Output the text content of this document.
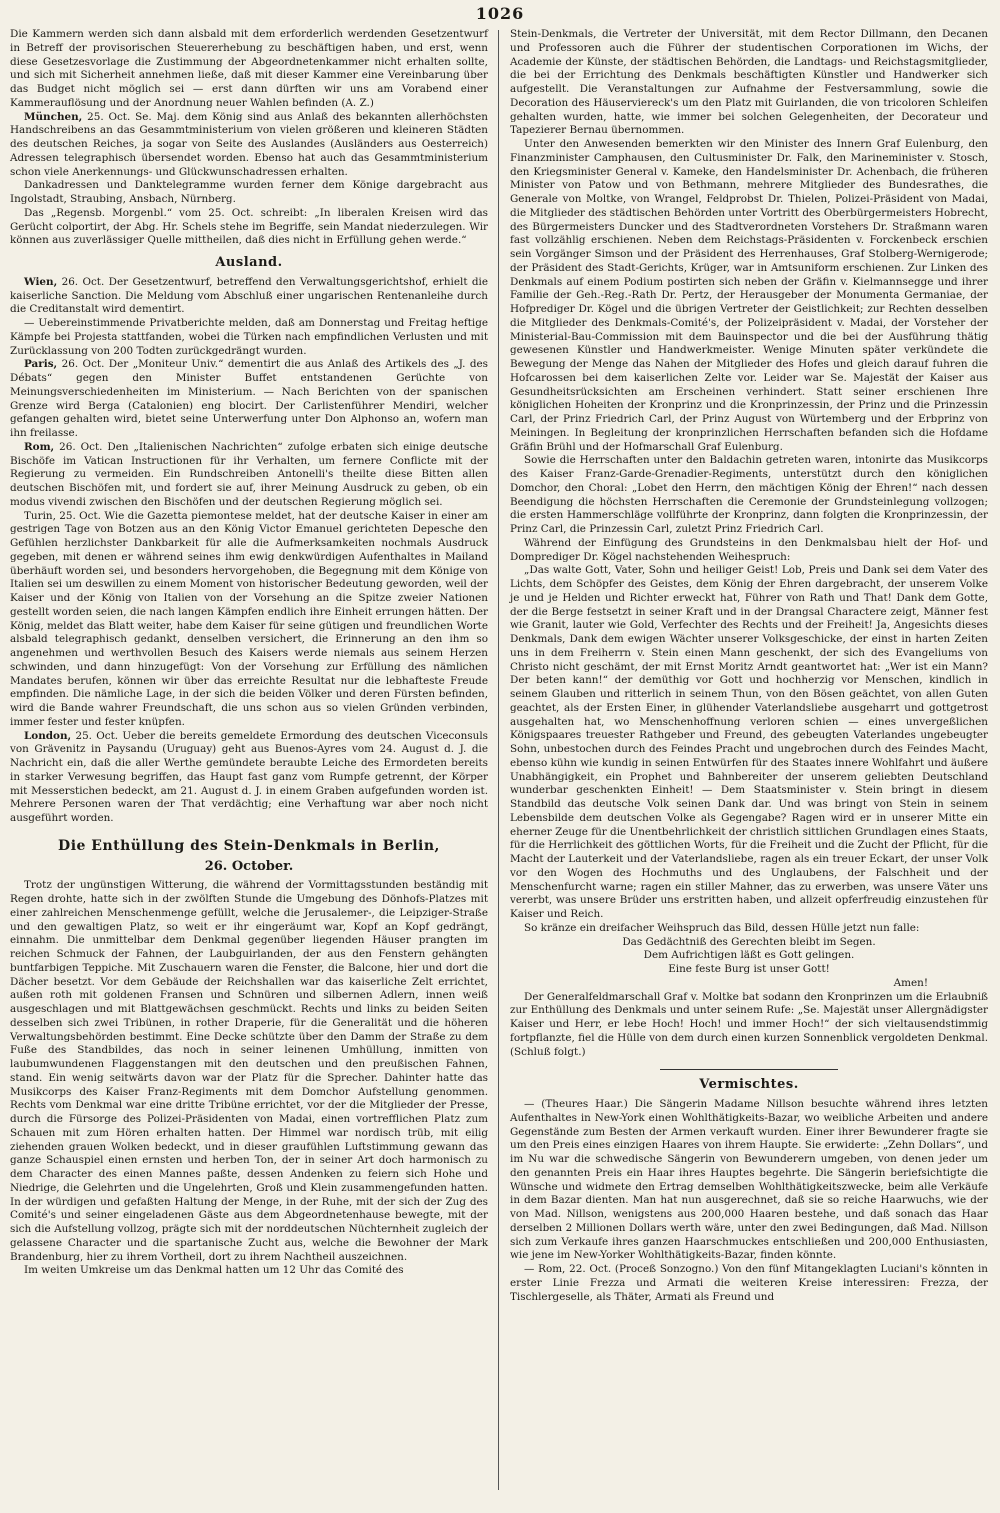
1026

Die Kammern werden sich dann alsbald mit dem erforderlich werdenden Gesetzentwurf in Betreff der provisorischen Steuererhebung zu beschäftigen haben, und erst, wenn diese Gesetzesvorlage die Zustimmung der Abgeordnetenkammer nicht erhalten sollte, und sich mit Sicherheit annehmen ließe, daß mit dieser Kammer eine Vereinbarung über das Budget nicht möglich sei — erst dann dürften wir uns am Vorabend einer Kammerauflösung und der Anordnung neuer Wahlen befinden (A. Z.)

München, 25. Oct. Se. Maj. dem König sind aus Anlaß des bekannten allerhöchsten Handschreibens an das Gesammtministerium von vielen größeren und kleineren Städten des deutschen Reiches, ja sogar von Seite des Auslandes (Ausländers aus Oesterreich) Adressen telegraphisch übersendet worden. Ebenso hat auch das Gesammtministerium schon viele Anerkennungs- und Glückwunschadressen erhalten.

Dankadressen und Danktelegramme wurden ferner dem Könige dargebracht aus Ingolstadt, Straubing, Ansbach, Nürnberg.

Das „Regensb. Morgenbl.“ vom 25. Oct. schreibt: „In liberalen Kreisen wird das Gerücht colportirt, der Abg. Hr. Schels stehe im Begriffe, sein Mandat niederzulegen. Wir können aus zuverlässiger Quelle mittheilen, daß dies nicht in Erfüllung gehen werde.“

Ausland.

Wien, 26. Oct. Der Gesetzentwurf, betreffend den Verwaltungsgerichtshof, erhielt die kaiserliche Sanction. Die Meldung vom Abschluß einer ungarischen Rentenanleihe durch die Creditanstalt wird dementirt.

— Uebereinstimmende Privatberichte melden, daß am Donnerstag und Freitag heftige Kämpfe bei Projesta stattfanden, wobei die Türken nach empfindlichen Verlusten und mit Zurücklassung von 200 Todten zurückgedrängt wurden.

Paris, 26. Oct. Der „Moniteur Univ.“ dementirt die aus Anlaß des Artikels des „J. des Débats“ gegen den Minister Buffet entstandenen Gerüchte von Meinungsverschiedenheiten im Ministerium. — Nach Berichten von der spanischen Grenze wird Berga (Catalonien) eng blocirt. Der Carlistenführer Mendiri, welcher gefangen gehalten wird, bietet seine Unterwerfung unter Don Alphonso an, wofern man ihn freilasse.

Rom, 26. Oct. Den „Italienischen Nachrichten“ zufolge erbaten sich einige deutsche Bischöfe im Vatican Instructionen für ihr Verhalten, um fernere Conflicte mit der Regierung zu vermeiden. Ein Rundschreiben Antonelli's theilte diese Bitten allen deutschen Bischöfen mit, und fordert sie auf, ihrer Meinung Ausdruck zu geben, ob ein modus vivendi zwischen den Bischöfen und der deutschen Regierung möglich sei.

Turin, 25. Oct. Wie die Gazetta piemontese meldet, hat der deutsche Kaiser in einer am gestrigen Tage von Botzen aus an den König Victor Emanuel gerichteten Depesche den Gefühlen herzlichster Dankbarkeit für alle die Aufmerksamkeiten nochmals Ausdruck gegeben, mit denen er während seines ihm ewig denkwürdigen Aufenthaltes in Mailand überhäuft worden sei, und besonders hervorgehoben, die Begegnung mit dem Könige von Italien sei um deswillen zu einem Moment von historischer Bedeutung geworden, weil der Kaiser und der König von Italien von der Vorsehung an die Spitze zweier Nationen gestellt worden seien, die nach langen Kämpfen endlich ihre Einheit errungen hätten. Der König, meldet das Blatt weiter, habe dem Kaiser für seine gütigen und freundlichen Worte alsbald telegraphisch gedankt, denselben versichert, die Erinnerung an den ihm so angenehmen und werthvollen Besuch des Kaisers werde niemals aus seinem Herzen schwinden, und dann hinzugefügt: Von der Vorsehung zur Erfüllung des nämlichen Mandates berufen, können wir über das erreichte Resultat nur die lebhafteste Freude empfinden. Die nämliche Lage, in der sich die beiden Völker und deren Fürsten befinden, wird die Bande wahrer Freundschaft, die uns schon aus so vielen Gründen verbinden, immer fester und fester knüpfen.

London, 25. Oct. Ueber die bereits gemeldete Ermordung des deutschen Viceconsuls von Grävenitz in Paysandu (Uruguay) geht aus Buenos-Ayres vom 24. August d. J. die Nachricht ein, daß die aller Werthe gemündete beraubte Leiche des Ermordeten bereits in starker Verwesung begriffen, das Haupt fast ganz vom Rumpfe getrennt, der Körper mit Messerstichen bedeckt, am 21. August d. J. in einem Graben aufgefunden worden ist. Mehrere Personen waren der That verdächtig; eine Verhaftung war aber noch nicht ausgeführt worden.

Die Enthüllung des Stein-Denkmals in Berlin,
26. October.

Trotz der ungünstigen Witterung, die während der Vormittagsstunden beständig mit Regen drohte, hatte sich in der zwölften Stunde die Umgebung des Dönhofs-Platzes mit einer zahlreichen Menschenmenge gefüllt, welche die Jerusalemer-, die Leipziger-Straße und den gewaltigen Platz, so weit er ihr eingeräumt war, Kopf an Kopf gedrängt, einnahm. Die unmittelbar dem Denkmal gegenüber liegenden Häuser prangten im reichen Schmuck der Fahnen, der Laubguirlanden, der aus den Fenstern gehängten buntfarbigen Teppiche. Mit Zuschauern waren die Fenster, die Balcone, hier und dort die Dächer besetzt. Vor dem Gebäude der Reichshallen war das kaiserliche Zelt errichtet, außen roth mit goldenen Fransen und Schnüren und silbernen Adlern, innen weiß ausgeschlagen und mit Blattgewächsen geschmückt. Rechts und links zu beiden Seiten desselben sich zwei Tribünen, in rother Draperie, für die Generalität und die höheren Verwaltungsbehörden bestimmt. Eine Decke schützte über den Damm der Straße zu dem Fuße des Standbildes, das noch in seiner leinenen Umhüllung, inmitten von laubumwundenen Flaggenstangen mit den deutschen und den preußischen Fahnen, stand. Ein wenig seitwärts davon war der Platz für die Sprecher. Dahinter hatte das Musikcorps des Kaiser Franz-Regiments mit dem Domchor Aufstellung genommen. Rechts vom Denkmal war eine dritte Tribüne errichtet, vor der die Mitglieder der Presse, durch die Fürsorge des Polizei-Präsidenten von Madai, einen vortrefflichen Platz zum Schauen mit zum Hören erhalten hatten. Der Himmel war nordisch trüb, mit eilig ziehenden grauen Wolken bedeckt, und in dieser graufühlen Luftstimmung gewann das ganze Schauspiel einen ernsten und herben Ton, der in seiner Art doch harmonisch zu dem Character des einen Mannes paßte, dessen Andenken zu feiern sich Hohe und Niedrige, die Gelehrten und die Ungelehrten, Groß und Klein zusammengefunden hatten. In der würdigen und gefaßten Haltung der Menge, in der Ruhe, mit der sich der Zug des Comité's und seiner eingeladenen Gäste aus dem Abgeordnetenhause bewegte, mit der sich die Aufstellung vollzog, prägte sich mit der norddeutschen Nüchternheit zugleich der gelassene Character und die spartanische Zucht aus, welche die Bewohner der Mark Brandenburg, hier zu ihrem Vortheil, dort zu ihrem Nachtheil auszeichnen.

Im weiten Umkreise um das Denkmal hatten um 12 Uhr das Comité des

Stein-Denkmals, die Vertreter der Universität, mit dem Rector Dillmann, den Decanen und Professoren auch die Führer der studentischen Corporationen im Wichs, der Academie der Künste, der städtischen Behörden, die Landtags- und Reichstagsmitglieder, die bei der Errichtung des Denkmals beschäftigten Künstler und Handwerker sich aufgestellt. Die Veranstaltungen zur Aufnahme der Festversammlung, sowie die Decoration des Häuserviereck's um den Platz mit Guirlanden, die von tricoloren Schleifen gehalten wurden, hatte, wie immer bei solchen Gelegenheiten, der Decorateur und Tapezierer Bernau übernommen.

Unter den Anwesenden bemerkten wir den Minister des Innern Graf Eulenburg, den Finanzminister Camphausen, den Cultusminister Dr. Falk, den Marineminister v. Stosch, den Kriegsminister General v. Kameke, den Handelsminister Dr. Achenbach, die früheren Minister von Patow und von Bethmann, mehrere Mitglieder des Bundesrathes, die Generale von Moltke, von Wrangel, Feldprobst Dr. Thielen, Polizei-Präsident von Madai, die Mitglieder des städtischen Behörden unter Vortritt des Oberbürgermeisters Hobrecht, des Bürgermeisters Duncker und des Stadtverordneten Vorstehers Dr. Straßmann waren fast vollzählig erschienen. Neben dem Reichstags-Präsidenten v. Forckenbeck erschien sein Vorgänger Simson und der Präsident des Herrenhauses, Graf Stolberg-Wernigerode; der Präsident des Stadt-Gerichts, Krüger, war in Amtsuniform erschienen. Zur Linken des Denkmals auf einem Podium postirten sich neben der Gräfin v. Kielmannsegge und ihrer Familie der Geh.-Reg.-Rath Dr. Pertz, der Herausgeber der Monumenta Germaniae, der Hofprediger Dr. Kögel und die übrigen Vertreter der Geistlichkeit; zur Rechten desselben die Mitglieder des Denkmals-Comité's, der Polizeipräsident v. Madai, der Vorsteher der Ministerial-Bau-Commission mit dem Bauinspector und die bei der Ausführung thätig gewesenen Künstler und Handwerkmeister. Wenige Minuten später verkündete die Bewegung der Menge das Nahen der Mitglieder des Hofes und gleich darauf fuhren die Hofcarossen bei dem kaiserlichen Zelte vor. Leider war Se. Majestät der Kaiser aus Gesundheitsrücksichten am Erscheinen verhindert. Statt seiner erschienen Ihre königlichen Hoheiten der Kronprinz und die Kronprinzessin, der Prinz und die Prinzessin Carl, der Prinz Friedrich Carl, der Prinz August von Würtemberg und der Erbprinz von Meiningen. In Begleitung der kronprinzlichen Herrschaften befanden sich die Hofdame Gräfin Brühl und der Hofmarschall Graf Eulenburg.

Sowie die Herrschaften unter den Baldachin getreten waren, intonirte das Musikcorps des Kaiser Franz-Garde-Grenadier-Regiments, unterstützt durch den königlichen Domchor, den Choral: „Lobet den Herrn, den mächtigen König der Ehren!“ nach dessen Beendigung die höchsten Herrschaften die Ceremonie der Grundsteinlegung vollzogen; die ersten Hammerschläge vollführte der Kronprinz, dann folgten die Kronprinzessin, der Prinz Carl, die Prinzessin Carl, zuletzt Prinz Friedrich Carl.

Während der Einfügung des Grundsteins in den Denkmalsbau hielt der Hof- und Domprediger Dr. Kögel nachstehenden Weihespruch:

„Das walte Gott, Vater, Sohn und heiliger Geist! Lob, Preis und Dank sei dem Vater des Lichts, dem Schöpfer des Geistes, dem König der Ehren dargebracht, der unserem Volke je und je Helden und Richter erweckt hat, Führer von Rath und That! Dank dem Gotte, der die Berge festsetzt in seiner Kraft und in der Drangsal Charactere zeigt, Männer fest wie Granit, lauter wie Gold, Verfechter des Rechts und der Freiheit! Ja, Angesichts dieses Denkmals, Dank dem ewigen Wächter unserer Volksgeschicke, der einst in harten Zeiten uns in dem Freiherrn v. Stein einen Mann geschenkt, der sich des Evangeliums von Christo nicht geschämt, der mit Ernst Moritz Arndt geantwortet hat: „Wer ist ein Mann? Der beten kann!“ der demüthig vor Gott und hochherzig vor Menschen, kindlich in seinem Glauben und ritterlich in seinem Thun, von den Bösen geächtet, von allen Guten geachtet, als der Ersten Einer, in glühender Vaterlandsliebe ausgeharrt und gottgetrost ausgehalten hat, wo Menschenhoffnung verloren schien — eines unvergeßlichen Königspaares treuester Rathgeber und Freund, des gebeugten Vaterlandes ungebeugter Sohn, unbestochen durch des Feindes Pracht und ungebrochen durch des Feindes Macht, ebenso kühn wie kundig in seinen Entwürfen für des Staates innere Wohlfahrt und äußere Unabhängigkeit, ein Prophet und Bahnbereiter der unserem geliebten Deutschland wunderbar geschenkten Einheit! — Dem Staatsminister v. Stein bringt in diesem Standbild das deutsche Volk seinen Dank dar. Und was bringt von Stein in seinem Lebensbilde dem deutschen Volke als Gegengabe? Ragen wird er in unserer Mitte ein eherner Zeuge für die Unentbehrlichkeit der christlich sittlichen Grundlagen eines Staats, für die Herrlichkeit des göttlichen Worts, für die Freiheit und die Zucht der Pflicht, für die Macht der Lauterkeit und der Vaterlandsliebe, ragen als ein treuer Eckart, der unser Volk vor den Wogen des Hochmuths und des Unglaubens, der Falschheit und der Menschenfurcht warne; ragen ein stiller Mahner, das zu erwerben, was unsere Väter uns vererbt, was unsere Brüder uns erstritten haben, und allzeit opferfreudig einzustehen für Kaiser und Reich.

So kränze ein dreifacher Weihspruch das Bild, dessen Hülle jetzt nun falle:

Das Gedächtniß des Gerechten bleibt im Segen.

Dem Aufrichtigen läßt es Gott gelingen.

Eine feste Burg ist unser Gott!

Amen!

Der Generalfeldmarschall Graf v. Moltke bat sodann den Kronprinzen um die Erlaubniß zur Enthüllung des Denkmals und unter seinem Rufe: „Se. Majestät unser Allergnädigster Kaiser und Herr, er lebe Hoch! Hoch! und immer Hoch!“ der sich vieltausendstimmig fortpflanzte, fiel die Hülle von dem durch einen kurzen Sonnenblick vergoldeten Denkmal. (Schluß folgt.)

Vermischtes.

— (Theures Haar.) Die Sängerin Madame Nillson besuchte während ihres letzten Aufenthaltes in New-York einen Wohlthätigkeits-Bazar, wo weibliche Arbeiten und andere Gegenstände zum Besten der Armen verkauft wurden. Einer ihrer Bewunderer fragte sie um den Preis eines einzigen Haares von ihrem Haupte. Sie erwiderte: „Zehn Dollars“, und im Nu war die schwedische Sängerin von Bewunderern umgeben, von denen jeder um den genannten Preis ein Haar ihres Hauptes begehrte. Die Sängerin beriefsichtigte die Wünsche und widmete den Ertrag demselben Wohlthätigkeitszwecke, beim alle Verkäufe in dem Bazar dienten. Man hat nun ausgerechnet, daß sie so reiche Haarwuchs, wie der von Mad. Nillson, wenigstens aus 200,000 Haaren bestehe, und daß sonach das Haar derselben 2 Millionen Dollars werth wäre, unter den zwei Bedingungen, daß Mad. Nillson sich zum Verkaufe ihres ganzen Haarschmuckes entschließen und 200,000 Enthusiasten, wie jene im New-Yorker Wohlthätigkeits-Bazar, finden könnte.

— Rom, 22. Oct. (Proceß Sonzogno.) Von den fünf Mitangeklagten Luciani's könnten in erster Linie Frezza und Armati die weiteren Kreise interessiren: Frezza, der Tischlergeselle, als Thäter, Armati als Freund und
